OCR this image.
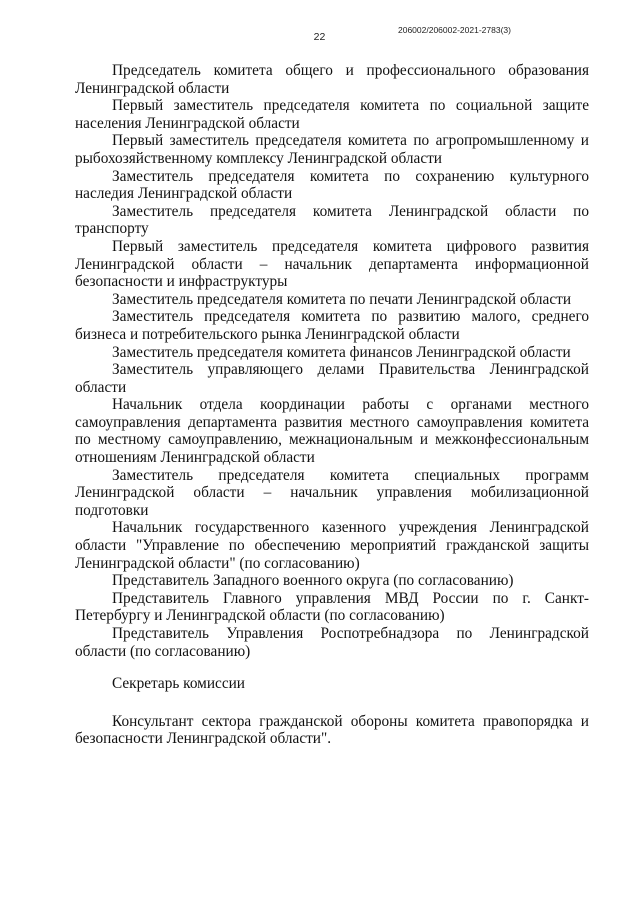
206002/206002-2021-2783(3)
22

Председатель комитета общего и профессионального образования Ленинградской области

Первый заместитель председателя комитета по социальной защите населения Ленинградской области

Первый заместитель председателя комитета по агропромышленному и рыбохозяйственному комплексу Ленинградской области

Заместитель председателя комитета по сохранению культурного наследия Ленинградской области

Заместитель председателя комитета Ленинградской области по транспорту

Первый заместитель председателя комитета цифрового развития Ленинградской области – начальник департамента информационной безопасности и инфраструктуры

Заместитель председателя комитета по печати Ленинградской области

Заместитель председателя комитета по развитию малого, среднего бизнеса и потребительского рынка Ленинградской области

Заместитель председателя комитета финансов Ленинградской области

Заместитель управляющего делами Правительства Ленинградской области

Начальник отдела координации работы с органами местного самоуправления департамента развития местного самоуправления комитета по местному самоуправлению, межнациональным и межконфессиональным отношениям Ленинградской области

Заместитель председателя комитета специальных программ Ленинградской области – начальник управления мобилизационной подготовки

Начальник государственного казенного учреждения Ленинградской области "Управление по обеспечению мероприятий гражданской защиты Ленинградской области" (по согласованию)

Представитель Западного военного округа (по согласованию)

Представитель Главного управления МВД России по г. Санкт-Петербургу и Ленинградской области (по согласованию)

Представитель Управления Роспотребнадзора по Ленинградской области (по согласованию)

Секретарь комиссии

Консультант сектора гражданской обороны комитета правопорядка и безопасности Ленинградской области".
